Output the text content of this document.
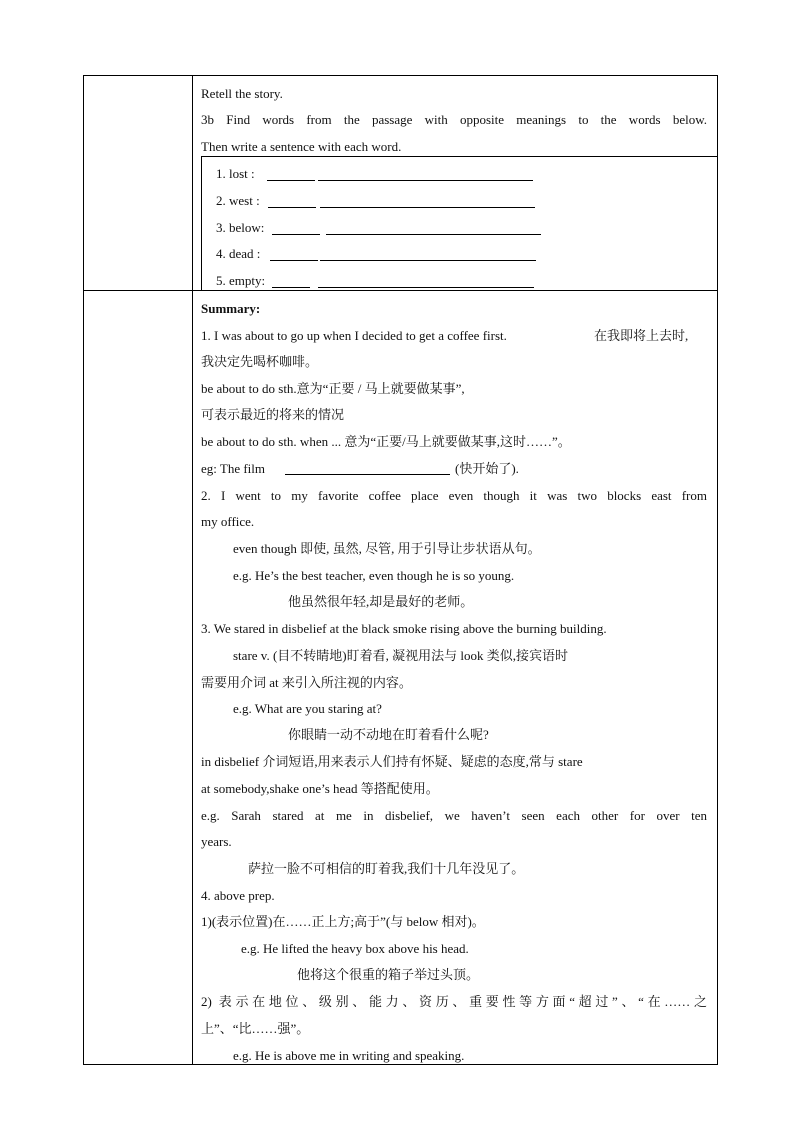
Retell the story.
3b Find words from the passage with opposite meanings to the words below.
Then write a sentence with each word.
1. lost :
2. west :
3. below:
4. dead :
5. empty:
Summary:
1. I was about to go up when I decided to get a coffee first.	在我即将上去时,
我决定先喝杯咖啡。
be about to do sth.意为“正要 / 马上就要做某事”,
可表示最近的将来的情况
be about to do sth. when ... 意为“正要/马上就要做某事,这时……”。
eg: The film	(快开始了).
2. I went to my favorite coffee place even though it was two blocks east from
my office.
even though 即使, 虽然, 尽管, 用于引导让步状语从句。
e.g. He’s the best teacher, even though he is so young.
他虽然很年轻,却是最好的老师。
3. We stared in disbelief at the black smoke rising above the burning building.
stare v. (目不转睛地)盯着看, 凝视用法与 look 类似,接宾语时
需要用介词 at 来引入所注视的内容。
e.g. What are you staring at?
你眼睛一动不动地在盯着看什么呢?
in disbelief 介词短语,用来表示人们持有怀疑、疑虑的态度,常与 stare
at somebody,shake one’s head 等搭配使用。
e.g. Sarah stared at me in disbelief, we haven’t seen each other for over ten
years.
萨拉一脸不可相信的盯着我,我们十几年没见了。
4. above prep.
1)(表示位置)在……正上方;高于”(与 below 相对)。
e.g. He lifted the heavy box above his head.
他将这个很重的箱子举过头顶。
2) 表示在地位、级别、能力、资历、重要性等方面“超过”、“在……之
上”、“比……强”。
e.g. He is above me in writing and speaking.
